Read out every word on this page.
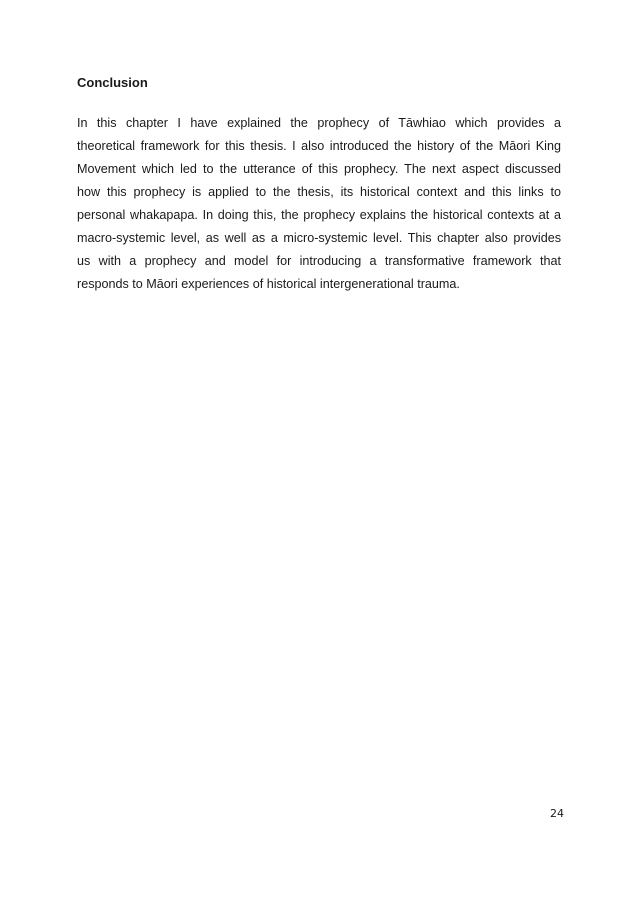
Conclusion

In this chapter I have explained the prophecy of Tāwhiao which provides a
theoretical framework for this thesis. I also introduced the history of the Māori King
Movement which led to the utterance of this prophecy. The next aspect discussed
how this prophecy is applied to the thesis, its historical context and this links to
personal whakapapa. In doing this, the prophecy explains the historical contexts at a
macro-systemic level, as well as a micro-systemic level. This chapter also provides
us with a prophecy and model for introducing a transformative framework that
responds to Māori experiences of historical intergenerational trauma.

24
